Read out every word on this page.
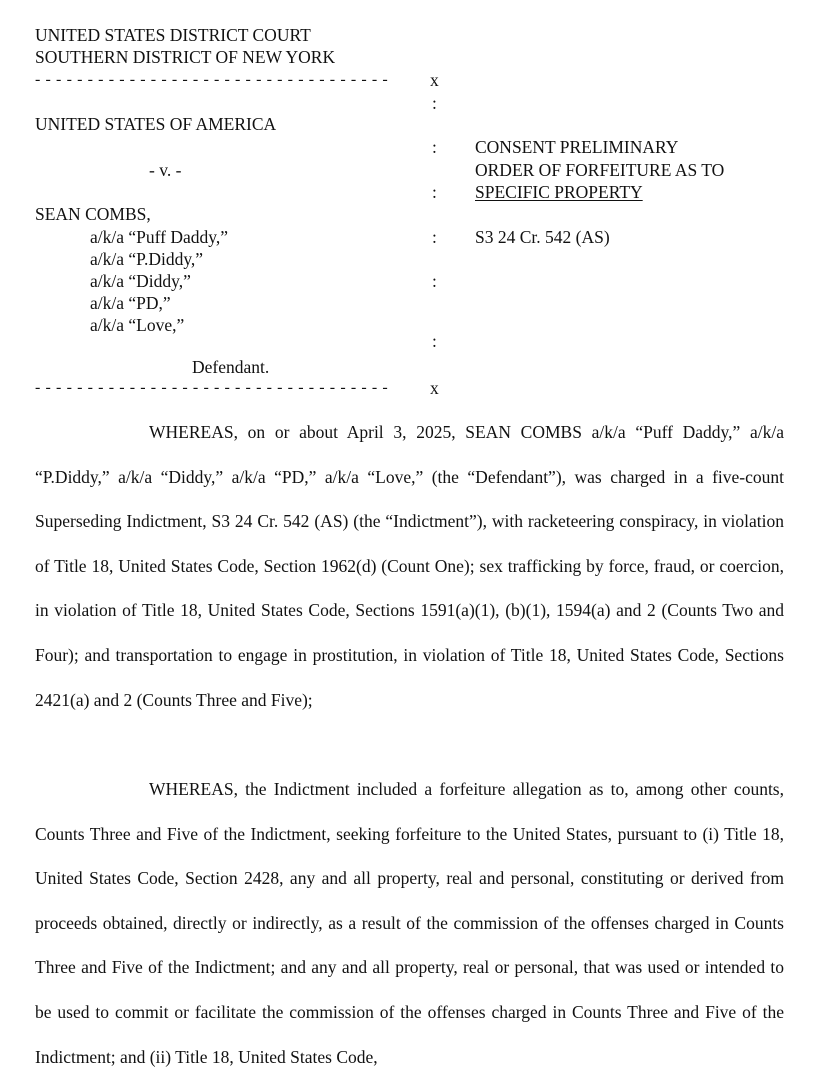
UNITED STATES DISTRICT COURT
SOUTHERN DISTRICT OF NEW YORK
- - - - - - - - - - - - - - - - - - - - - - - - - - - - - - - - - - x
:
UNITED STATES OF AMERICA
: CONSENT PRELIMINARY
- v. -	ORDER OF FORFEITURE AS TO
: SPECIFIC PROPERTY
SEAN COMBS,
a/k/a “Puff Daddy,”	: S3 24 Cr. 542 (AS)
a/k/a “P.Diddy,”
a/k/a “Diddy,”	:
a/k/a “PD,”
a/k/a “Love,”
:
Defendant.
- - - - - - - - - - - - - - - - - - - - - - - - - - - - - - - - - - x

WHEREAS, on or about April 3, 2025, SEAN COMBS a/k/a “Puff Daddy,” a/k/a “P.Diddy,” a/k/a “Diddy,” a/k/a “PD,” a/k/a “Love,” (the “Defendant”), was charged in a five-count Superseding Indictment, S3 24 Cr. 542 (AS) (the “Indictment”), with racketeering conspiracy, in violation of Title 18, United States Code, Section 1962(d) (Count One); sex trafficking by force, fraud, or coercion, in violation of Title 18, United States Code, Sections 1591(a)(1), (b)(1), 1594(a) and 2 (Counts Two and Four); and transportation to engage in prostitution, in violation of Title 18, United States Code, Sections 2421(a) and 2 (Counts Three and Five);

WHEREAS, the Indictment included a forfeiture allegation as to, among other counts, Counts Three and Five of the Indictment, seeking forfeiture to the United States, pursuant to (i) Title 18, United States Code, Section 2428, any and all property, real and personal, constituting or derived from proceeds obtained, directly or indirectly, as a result of the commission of the offenses charged in Counts Three and Five of the Indictment; and any and all property, real or personal, that was used or intended to be used to commit or facilitate the commission of the offenses charged in Counts Three and Five of the Indictment; and (ii) Title 18, United States Code,
